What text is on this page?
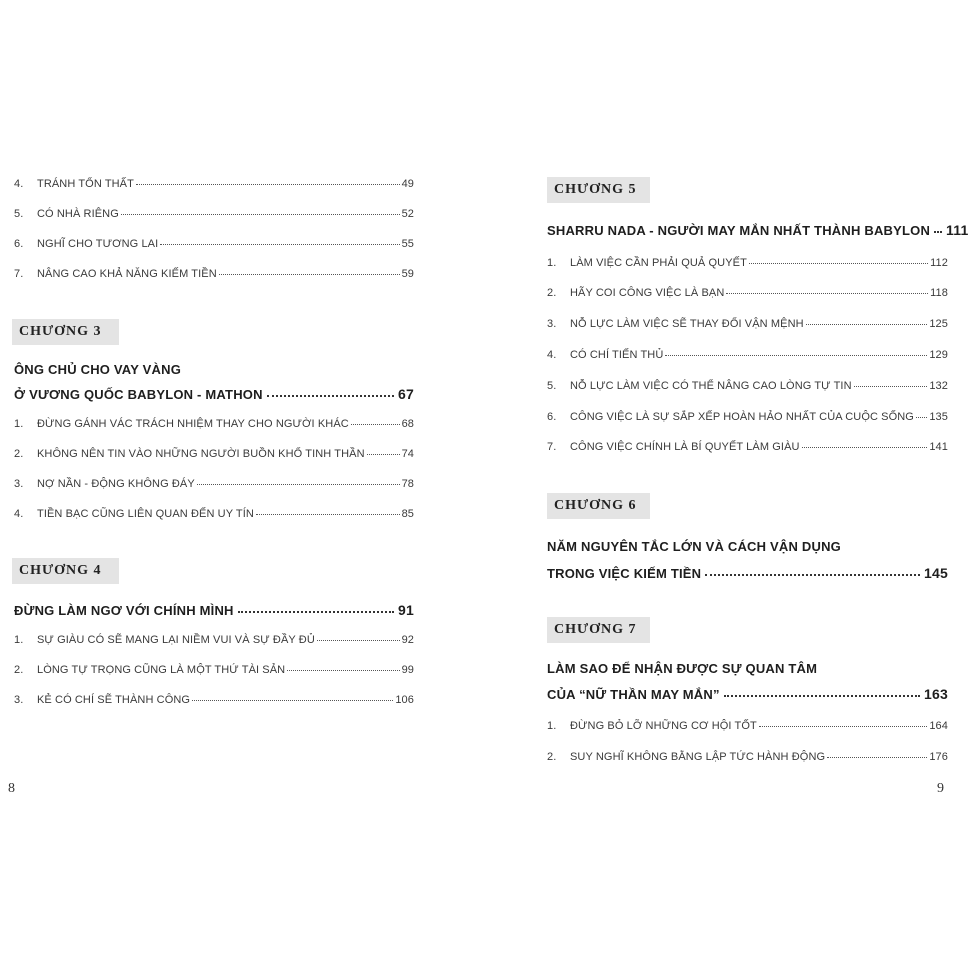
4.	TRÁNH TỔN THẤT	49
5.	CÓ NHÀ RIÊNG	52
6.	NGHĨ CHO TƯƠNG LAI	55
7.	NÂNG CAO KHẢ NĂNG KIẾM TIỀN	59
CHƯƠNG 3
ÔNG CHỦ CHO VAY VÀNG
Ở VƯƠNG QUỐC BABYLON - MATHON	67
1.	ĐỪNG GÁNH VÁC TRÁCH NHIỆM THAY CHO NGƯỜI KHÁC	68
2.	KHÔNG NÊN TIN VÀO NHỮNG NGƯỜI BUỒN KHỔ TINH THẦN	74
3.	NỢ NẦN - ĐỘNG KHÔNG ĐÁY	78
4.	TIỀN BẠC CŨNG LIÊN QUAN ĐẾN UY TÍN	85
CHƯƠNG 4
ĐỪNG LÀM NGƠ VỚI CHÍNH MÌNH	91
1.	SỰ GIÀU CÓ SẼ MANG LẠI NIỀM VUI VÀ SỰ ĐẦY ĐỦ	92
2.	LÒNG TỰ TRỌNG CŨNG LÀ MỘT THỨ TÀI SẢN	99
3.	KẺ CÓ CHÍ SẼ THÀNH CÔNG	106
8
CHƯƠNG 5
SHARRU NADA - NGƯỜI MAY MẮN NHẤT THÀNH BABYLON 111
1.	LÀM VIỆC CẦN PHẢI QUẢ QUYẾT	112
2.	HÃY COI CÔNG VIỆC LÀ BẠN	118
3.	NỖ LỰC LÀM VIỆC SẼ THAY ĐỔI VẬN MỆNH	125
4.	CÓ CHÍ TIẾN THỦ	129
5.	NỖ LỰC LÀM VIỆC CÓ THỂ NÂNG CAO LÒNG TỰ TIN	132
6.	CÔNG VIỆC LÀ SỰ SẮP XẾP HOÀN HẢO NHẤT CỦA CUỘC SỐNG 135
7.	CÔNG VIỆC CHÍNH LÀ BÍ QUYẾT LÀM GIÀU	141
CHƯƠNG 6
NĂM NGUYÊN TẮC LỚN VÀ CÁCH VẬN DỤNG
TRONG VIỆC KIẾM TIỀN	145
CHƯƠNG 7
LÀM SAO ĐỂ NHẬN ĐƯỢC SỰ QUAN TÂM
CỦA “NỮ THẦN MAY MẮN”	163
1.	ĐỪNG BỎ LỠ NHỮNG CƠ HỘI TỐT	164
2.	SUY NGHĨ KHÔNG BẰNG LẬP TỨC HÀNH ĐỘNG	176
9
